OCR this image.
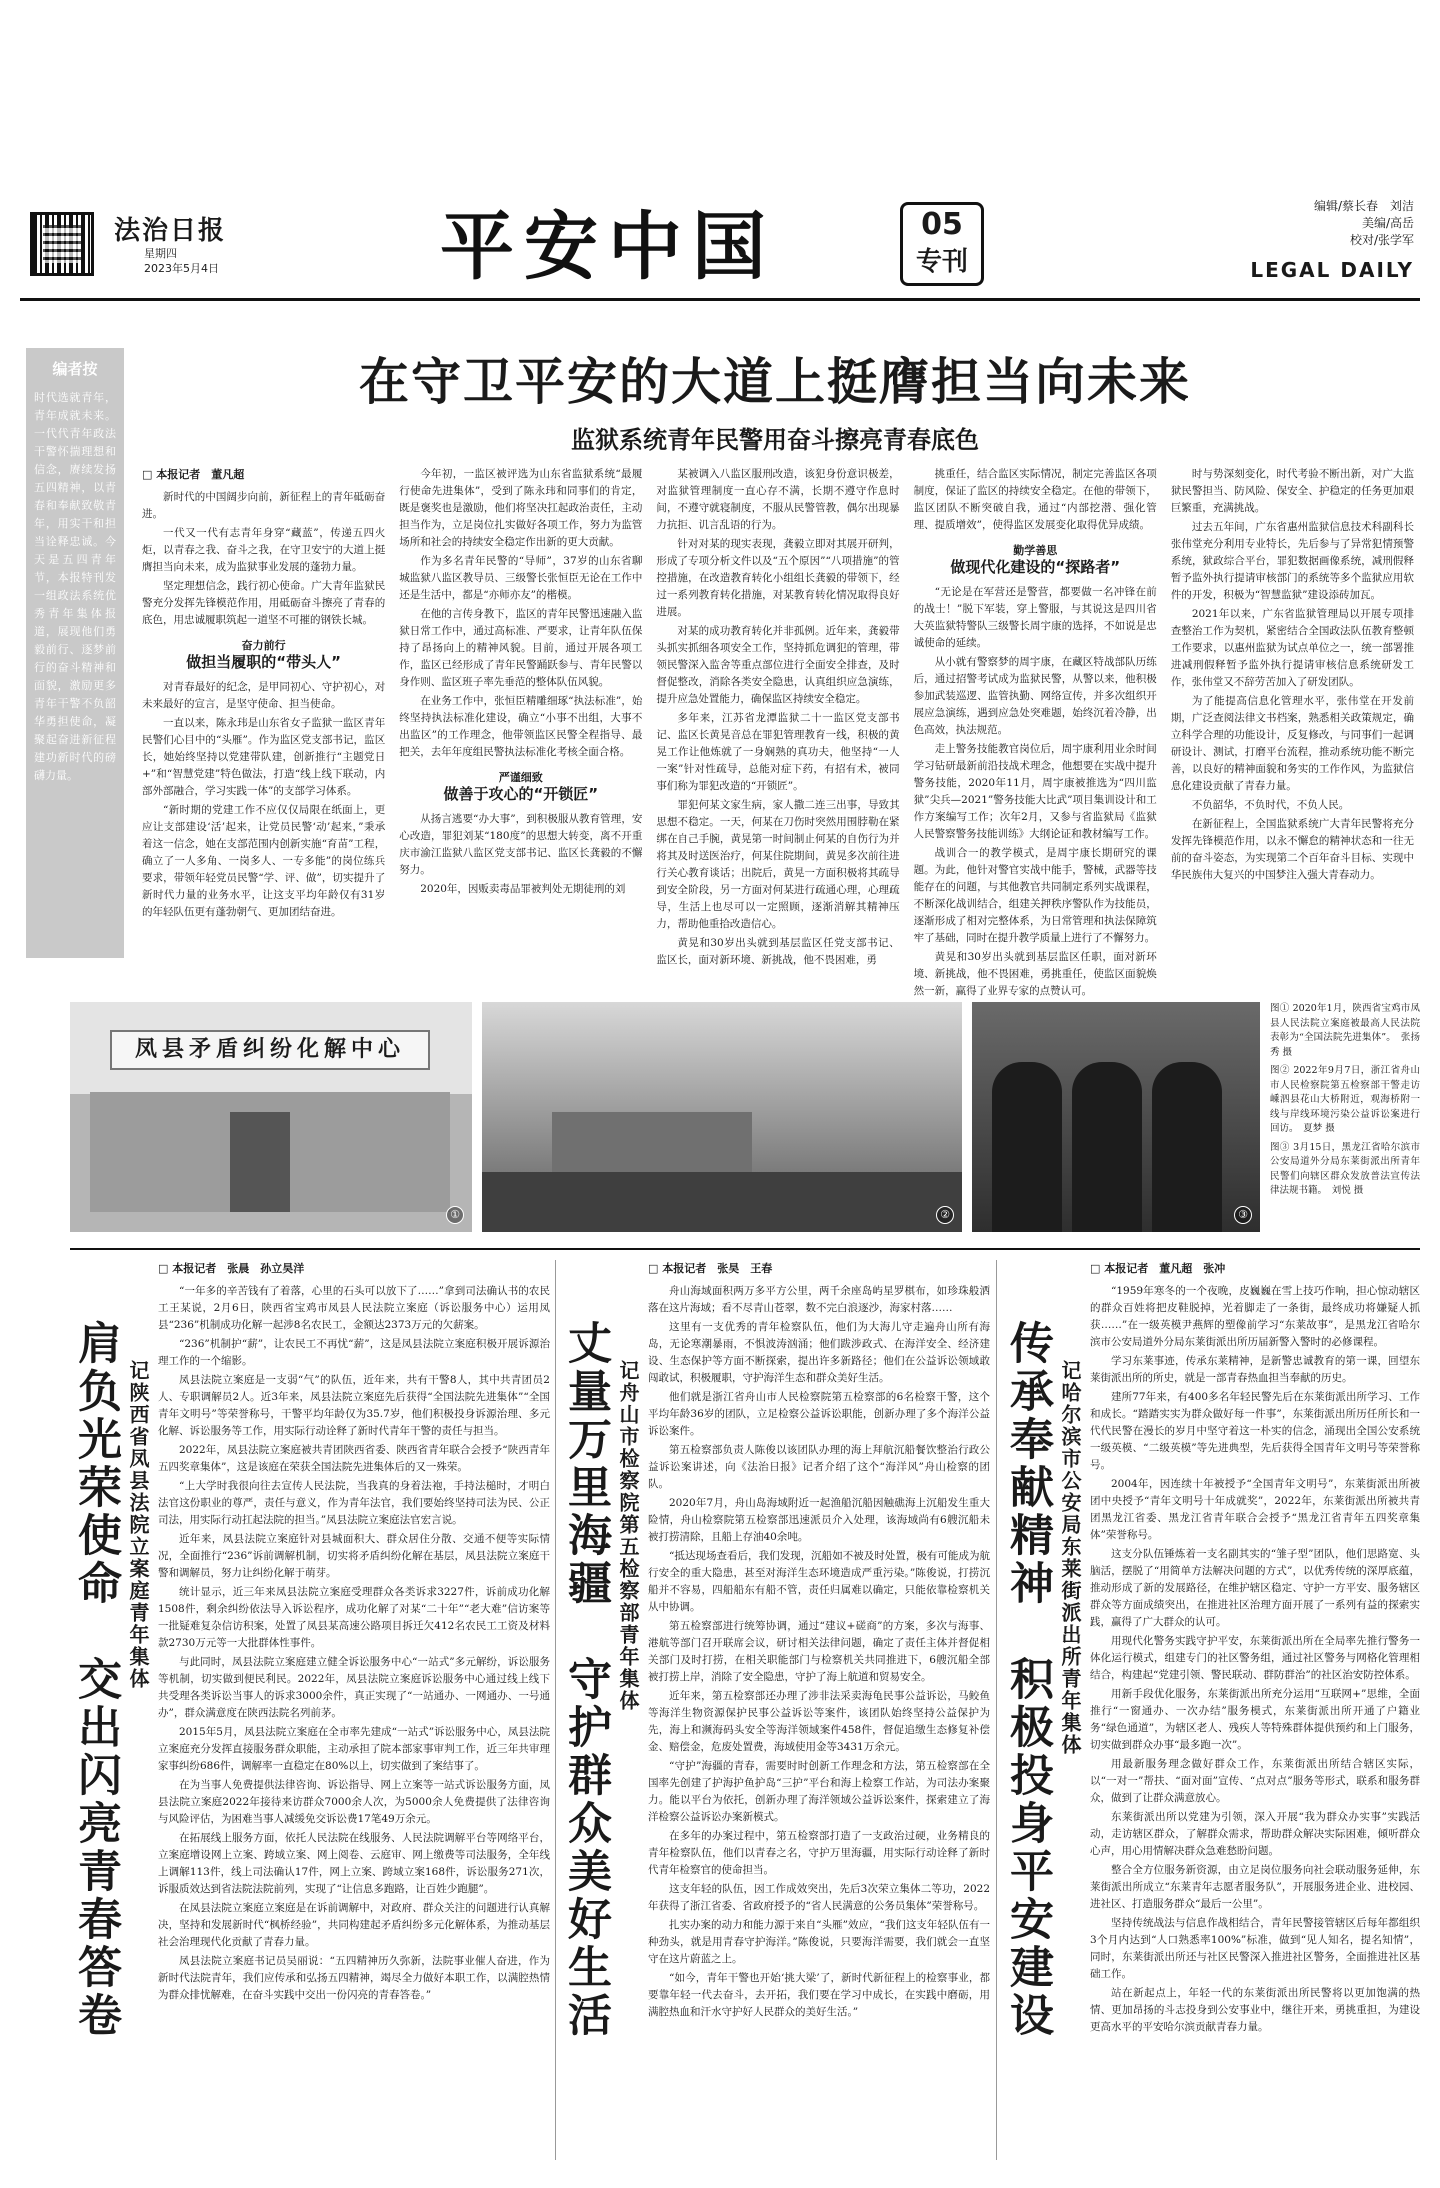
法治日报
星期四
2023年5月4日	平安中国	05
专刊
编辑/蔡长春　刘洁
美编/高岳
校对/张学军
LEGAL DAILY
编者按
时代选就青年，青年成就未来。一代代青年政法干警怀揣理想和信念，赓续发扬五四精神，以青春和奉献致敬青年，用实干和担当诠释忠诚。今天是五四青年节，本报特刊发一组政法系统优秀青年集体报道，展现他们勇毅前行、逐梦前行的奋斗精神和面貌，激励更多青年干警不负韶华勇担使命，凝聚起奋进新征程建功新时代的磅礴力量。
在守卫平安的大道上挺膺担当向未来
监狱系统青年民警用奋斗擦亮青春底色
□ 本报记者　董凡超

新时代的中国阔步向前，新征程上的青年砥砺奋进。

一代又一代有志青年身穿“藏蓝”，传递五四火炬，以青春之我、奋斗之我，在守卫安宁的大道上挺膺担当向未来，成为监狱事业发展的蓬勃力量。

坚定理想信念，践行初心使命。广大青年监狱民警充分发挥先锋模范作用，用砥砺奋斗擦亮了青春的底色，用忠诚履职筑起一道坚不可摧的钢铁长城。

奋力前行
做担当履职的“带头人”

对青春最好的纪念，是甲同初心、守护初心，对未来最好的宣言，是坚守使命、担当使命。

一直以来，陈永玮是山东省女子监狱一监区青年民警们心目中的“头雁”。作为监区党支部书记，监区长，她始终坚持以党建带队建，创新推行“主题党日+”和“智慧党建”特色做法，打造“线上线下联动，内部外部融合，学习实践一体”的支部学习体系。

“新时期的党建工作不应仅仅局限在纸面上，更应让支部建设‘活’起来，让党员民警‘动’起来，”秉承着这一信念，她在支部范围内创新实施“育苗”工程，确立了一人多角、一岗多人、一专多能”的岗位练兵要求，带领年轻党员民警“学、评、做”，切实提升了新时代力量的业务水平，让这支平均年龄仅有31岁的年轻队伍更有蓬勃朝气、更加团结奋进。

今年初，一监区被评选为山东省监狱系统“最履行使命先进集体”，受到了陈永玮和同事们的肯定，既是褒奖也是激励，他们将坚决扛起政治责任，主动担当作为，立足岗位扎实做好各项工作，努力为监管场所和社会的持续安全稳定作出新的更大贡献。

作为多名青年民警的“导师”，37岁的山东省聊城监狱八监区教导员、三级警长张恒臣无论在工作中还是生活中，都是“亦师亦友”的楷模。

在他的言传身教下，监区的青年民警迅速融入监狱日常工作中，通过高标准、严要求，让青年队伍保持了昂扬向上的精神风貌。目前，通过开展各项工作，监区已经形成了青年民警踊跃参与、青年民警以身作则、监区班子率先垂范的整体队伍风貌。

在业务工作中，张恒臣精雕细琢“执法标准”，始终坚持执法标准化建设，确立“小事不出组，大事不出监区”的工作理念，他带领监区民警全程指导、最把关，去年年度组民警执法标准化考核全面合格。

严谨细致
做善于攻心的“开锁匠”

从扬言逃要“办大事”，到积极服从教育管理，安心改造，罪犯刘某“180度”的思想大转变，离不开重庆市渝江监狱八监区党支部书记、监区长龚毅的不懈努力。

2020年，因贩卖毒品罪被判处无期徒刑的刘

某被调入八监区服刑改造，该犯身份意识极差，对监狱管理制度一直心存不满，长期不遵守作息时间，不遵守就寝制度，不服从民警管教，偶尔出现暴力抗拒、讥言乱语的行为。

针对对某的现实表现，龚毅立即对其展开研判，形成了专项分析文件以及“五个原因”“八项措施”的管控措施，在改造教育转化小组组长龚毅的带领下，经过一系列教育转化措施，对某教育转化情况取得良好进展。

对某的成功教育转化并非孤例。近年来，龚毅带头抓实抓细各项安全工作，坚持抓危调犯的管理，带领民警深入监舍等重点部位进行全面安全排查，及时督促整改，消除各类安全隐患，认真组织应急演练，提升应急处置能力，确保监区持续安全稳定。

多年来，江苏省龙潭监狱二十一监区党支部书记、监区长黄晃音总在罪犯管理教育一线，积极的黄晃工作让他炼就了一身娴熟的真功夫，他坚持“一人一案”针对性疏导，总能对症下药，有招有术，被同事们称为罪犯改造的“开锁匠”。

罪犯何某文家生病，家人撒二连三出事，导致其思想不稳定。一天，何某在刀伤时突然用围脖勒在紧绑在自己手腕，黄晃第一时间制止何某的自伤行为并将其及时送医治疗，何某住院期间，黄晃多次前往进行关心教育谈话；出院后，黄晃一方面积极将其疏导到安全阶段，另一方面对何某进行疏通心理，心理疏导，生活上也尽可以一定照顾，逐渐消解其精神压力，帮助他重拾改造信心。

黄晃和30岁出头就到基层监区任党支部书记、监区长，面对新环境、新挑战，他不畏困难，勇

挑重任，结合监区实际情况，制定完善监区各项制度，保证了监区的持续安全稳定。在他的带领下，监区团队不断突破自我，通过“内部挖潜、强化管理、提质增效”，使得监区发展变化取得优异成绩。

勤学善思
做现代化建设的“探路者”

“无论是在军营还是警营，都要做一名冲锋在前的战士！”脱下军装，穿上警服，与其说这是四川省大英监狱特警队三级警长周宇康的选择，不如说是忠诚使命的延续。

从小就有警察梦的周宇康，在藏区特战部队历练后，通过招警考试成为监狱民警，从警以来，他积极参加武装巡逻、监管执勤、网络宣传，并多次组织开展应急演练，遇到应急处突难题，始终沉着冷静，出色高效，执法规范。

走上警务技能教官岗位后，周宇康利用业余时间学习钻研最新前沿技战术理念，他想要在实战中提升警务技能，2020年11月，周宇康被推选为“四川监狱”尖兵—2021”警务技能大比武”项目集训设计和工作方案编写工作；次年2月，又参与省监狱局《监狱人民警察警务技能训练》大纲论证和教材编写工作。

战训合一的教学模式，是周宇康长期研究的课题。为此，他针对警官实战中能手，警械，武器等技能存在的问题，与其他教官共同制定系列实战课程，不断深化战训结合，组建关押秩序警队作为技能员，逐渐形成了相对完整体系，为日常管理和执法保障筑牢了基础，同时在提升教学质量上进行了不懈努力。

黄晃和30岁出头就到基层监区任职，面对新环境、新挑战，他不畏困难，勇挑重任，使监区面貌焕然一新，赢得了业界专家的点赞认可。

时与势深刻变化，时代考验不断出新，对广大监狱民警担当、防风险、保安全、护稳定的任务更加艰巨繁重，充满挑战。

过去五年间，广东省惠州监狱信息技术科副科长张伟堂充分利用专业特长，先后参与了异常犯情预警系统，狱政综合平台，罪犯数据画像系统，减刑假释暂予监外执行提请审核部门的系统等多个监狱应用软件的开发，积极为“智慧监狱”建设添砖加瓦。

2021年以来，广东省监狱管理局以开展专项排查整治工作为契机，紧密结合全国政法队伍教育整顿工作要求，以惠州监狱为试点单位之一，统一部署推进减刑假释暂予监外执行提请审核信息系统研发工作，张伟堂又不辞劳苦加入了研发团队。

为了能提高信息化管理水平，张伟堂在开发前期，广泛查阅法律文书档案，熟悉相关政策规定，确立科学合理的功能设计，反复修改，与同事们一起调研设计、测试，打磨平台流程，推动系统功能不断完善，以良好的精神面貌和务实的工作作风，为监狱信息化建设贡献了青春力量。

不负韶华，不负时代，不负人民。

在新征程上，全国监狱系统广大青年民警将充分发挥先锋模范作用，以永不懈怠的精神状态和一往无前的奋斗姿态，为实现第二个百年奋斗目标、实现中华民族伟大复兴的中国梦注入强大青春动力。

凤县矛盾纠纷化解中心
①	②	③

图① 2020年1月，陕西省宝鸡市凤县人民法院立案庭被最高人民法院表彰为“全国法院先进集体”。　张扬秀 摄

图② 2022年9月7日，浙江省舟山市人民检察院第五检察部干警走访嵊泗县花山大桥附近，观海桥附一线与岸线环境污染公益诉讼案进行回访。　夏梦 摄

图③ 3月15日，黑龙江省哈尔滨市公安局道外分局东莱街派出所青年民警们向辖区群众发放普法宣传法律法规书籍。　刘悦 摄

肩负光荣使命　交出闪亮青春答卷 记陕西省凤县法院立案庭青年集体
□ 本报记者　张晨　孙立昊洋

“一年多的辛苦钱有了着落，心里的石头可以放下了……”拿到司法确认书的农民工王某说，2月6日，陕西省宝鸡市凤县人民法院立案庭（诉讼服务中心）运用凤县“236”机制成功化解一起涉8名农民工，金额达2373万元的欠薪案。

“236”机制护“薪”，让农民工不再忧“薪”，这是凤县法院立案庭积极开展诉源治理工作的一个缩影。

凤县法院立案庭是一支弱“气”的队伍，近年来，共有干警8人，其中共青团员2人、专职调解员2人。近3年来，凤县法院立案庭先后获得“全国法院先进集体”“全国青年文明号”等荣誉称号，干警平均年龄仅为35.7岁，他们积极投身诉源治理、多元化解、诉讼服务等工作，用实际行动诠释了新时代青年干警的责任与担当。

2022年，凤县法院立案庭被共青团陕西省委、陕西省青年联合会授予“陕西青年五四奖章集体”，这是该庭在荣获全国法院先进集体后的又一殊荣。

“上大学时我很向往去宣传人民法院，当我真的身着法袍，手持法槌时，才明白法官这份职业的尊严，责任与意义，作为青年法官，我们要始终坚持司法为民、公正司法，用实际行动扛起法院的担当。”凤县法院立案庭法官宏言说。

近年来，凤县法院立案庭针对县城面积大、群众居住分散、交通不便等实际情况，全面推行“236”诉前调解机制，切实将矛盾纠纷化解在基层，凤县法院立案庭干警和调解员，努力让纠纷化解于萌芽。

统计显示，近三年来凤县法院立案庭受理群众各类诉求3227件，诉前成功化解1508件，剩余纠纷依法导入诉讼程序，成功化解了对某“二十年”“老大难”信访案等一批疑难复杂信访积案，处置了凤县某高速公路项目拆迁欠412名农民工工资及材料款2730万元等一大批群体性事件。

与此同时，凤县法院立案庭建立健全诉讼服务中心“一站式”多元解纷，诉讼服务等机制，切实做到便民利民。2022年，凤县法院立案庭诉讼服务中心通过线上线下共受理各类诉讼当事人的诉求3000余件，真正实现了“一站通办、一网通办、一号通办”，群众满意度在陕西法院名列前茅。

2015年5月，凤县法院立案庭在全市率先建成“一站式”诉讼服务中心，凤县法院立案庭充分发挥直接服务群众职能，主动承担了院本部家事审判工作，近三年共审理家事纠纷686件，调解率一直稳定在80%以上，切实做到了案结事了。

在为当事人免费提供法律咨询、诉讼指导、网上立案等一站式诉讼服务方面，凤县法院立案庭2022年接待来访群众7000余人次，为5000余人免费提供了法律咨询与风险评估，为困难当事人减缓免交诉讼费17笔49万余元。

在拓展线上服务方面，依托人民法院在线服务、人民法院调解平台等网络平台，立案庭增设网上立案、跨域立案、网上阅卷、云庭审、网上缴费等司法服务，全年线上调解113件，线上司法确认17件，网上立案、跨域立案168件，诉讼服务271次，诉服质效达到省法院法院前列，实现了“让信息多跑路，让百姓少跑腿”。

在凤县法院立案庭立案庭是在诉前调解中，对政府、群众关注的问题进行认真解决，坚持和发展新时代“枫桥经验”，共同构建起矛盾纠纷多元化解体系，为推动基层社会治理现代化贡献了青春力量。

凤县法院立案庭书记员吴丽说：“五四精神历久弥新，法院事业催人奋进，作为新时代法院青年，我们应传承和弘扬五四精神，竭尽全力做好本职工作，以满腔热情为群众排忧解难，在奋斗实践中交出一份闪亮的青春答卷。”	丈量万里海疆　守护群众美好生活 记舟山市检察院第五检察部青年集体
□ 本报记者　张昊　王春

舟山海域面积两万多平方公里，两千余座岛屿星罗棋布，如珍珠般洒落在这片海域；看不尽青山苍翠，数不完白浪逐沙，海家村落……

这里有一支优秀的青年检察队伍，他们为大海儿守走遍舟山所有海岛，无论寒潮暴雨，不惧波涛汹涌；他们跋涉政式、在海洋安全、经济建设、生态保护等方面不断探索，提出许多新路径；他们在公益诉讼领域敢闯敢试，积极履职，守护海洋生态和群众美好生活。

他们就是浙江省舟山市人民检察院第五检察部的6名检察干警，这个平均年龄36岁的团队，立足检察公益诉讼职能，创新办理了多个海洋公益诉讼案件。

第五检察部负责人陈俊以该团队办理的海上拜航沉船餐饮整治行政公益诉讼案讲述，向《法治日报》记者介绍了这个“海洋风”舟山检察的团队。

2020年7月，舟山岛海域附近一起渔船沉船因触礁海上沉船发生重大险情，舟山检察院第五检察部迅速派员介入处理，该海域尚有6艘沉船未被打捞清除，且船上存油40余吨。

“抵达现场查看后，我们发现，沉船如不被及时处置，极有可能成为航行安全的重大隐患，甚至对海洋生态环境造成严重污染。”陈俊说，打捞沉船并不容易，四船船东有船不管，责任归属难以确定，只能依靠检察机关从中协调。

第五检察部进行统筹协调，通过“建议+磋商”的方案，多次与海事、港航等部门召开联席会议，研讨相关法律问题，确定了责任主体并督促相关部门及时打捞，在相关职能部门与检察机关共同推进下，6艘沉船全部被打捞上岸，消除了安全隐患，守护了海上航道和贸易安全。

近年来，第五检察部还办理了涉非法采卖海龟民事公益诉讼，马鲛鱼等海洋生物资源保护民事公益诉讼等案件，该团队始终坚持公益保护为先，海上和濒海码头安全等海洋领域案件458件，督促追缴生态修复补偿金、赔偿金，危废处置费，海域使用金等3431万余元。

“守护”海疆的青春，需要时时创新工作理念和方法，第五检察部在全国率先创建了护海护鱼护岛“三护”平台和海上检察工作站，为司法办案聚力。能以平台为依托，创新办理了海洋领域公益诉讼案件，探索建立了海洋检察公益诉讼办案新模式。

在多年的办案过程中，第五检察部打造了一支政治过硬，业务精良的青年检察队伍，他们以青春之名，守护万里海疆，用实际行动诠释了新时代青年检察官的使命担当。

这支年轻的队伍，因工作成效突出，先后3次荣立集体二等功，2022年获得了浙江省委、省政府授予的“省人民满意的公务员集体”荣誉称号。

扎实办案的动力和能力源于来自“头雁”效应，“我们这支年轻队伍有一种劲头，就是用青春守护海洋。”陈俊说，只要海洋需要，我们就会一直坚守在这片蔚蓝之上。

“如今，青年干警也开始‘挑大梁’了，新时代新征程上的检察事业，都要靠年轻一代去奋斗，去开拓，我们要在学习中成长，在实践中磨砺，用满腔热血和汗水守护好人民群众的美好生活。”	传承奉献精神　积极投身平安建设 记哈尔滨市公安局东莱街派出所青年集体
□ 本报记者　董凡超　张冲

“1959年寒冬的一个夜晚，皮巍巍在雪上技巧作响，担心惊动辖区的群众百姓将把皮鞋脱掉，光着脚走了一条街，最终成功将嫌疑人抓获……”在一级英模尹燕辉的塑像前学习“东莱故事”，是黑龙江省哈尔滨市公安局道外分局东莱街派出所历届新警入警时的必修课程。

学习东莱事迹，传承东莱精神，是新警忠诚教育的第一课，回望东莱街派出所的所史，就是一部青春热血担当奉献的历史。

建所77年来，有400多名年轻民警先后在东莱街派出所学习、工作和成长。“踏踏实实为群众做好每一件事”，东莱街派出所历任所长和一代代民警在漫长的岁月中坚守着这一朴实的信念，涌现出全国公安系统一级英模、“二级英模”等先进典型，先后获得全国青年文明号等荣誉称号。

2004年，因连续十年被授予“全国青年文明号”，东莱街派出所被团中央授予“青年文明号十年成就奖”，2022年，东莱街派出所被共青团黑龙江省委、黑龙江省青年联合会授予“黑龙江省青年五四奖章集体”荣誉称号。

这支分队伍锤炼着一支名副其实的“雏子型”团队，他们思路宽、头脑活，摆脱了“用简单方法解决问题的方式”，以优秀传统的深厚底蕴，推动形成了新的发展路径，在维护辖区稳定、守护一方平安、服务辖区群众等方面成绩突出，在推进社区治理方面开展了一系列有益的探索实践，赢得了广大群众的认可。

用现代化警务实践守护平安，东莱街派出所在全局率先推行警务一体化运行模式，组建专门的社区警务组，通过社区警务与网格化管理相结合，构建起“党建引领、警民联动、群防群治”的社区治安防控体系。

用新手段优化服务，东莱街派出所充分运用“互联网+”思维，全面推行“一窗通办、一次办结”服务模式，东莱街派出所开通了户籍业务“绿色通道”，为辖区老人、残疾人等特殊群体提供预约和上门服务，切实做到群众办事“最多跑一次”。

用最新服务理念做好群众工作，东莱街派出所结合辖区实际，以“一对一”帮扶、“面对面”宣传、“点对点”服务等形式，联系和服务群众，做到了让群众满意放心。

东莱街派出所以党建为引领，深入开展“我为群众办实事”实践活动，走访辖区群众，了解群众需求，帮助群众解决实际困难，倾听群众心声，用心用情解决群众急难愁盼问题。

整合全方位服务新资源，由立足岗位服务向社会联动服务延伸，东莱街派出所成立“东莱青年志愿者服务队”，开展服务进企业、进校园、进社区、打造服务群众“最后一公里”。

坚持传统战法与信息作战相结合，青年民警接管辖区后每年都组织3个月内达到“人口熟悉率100%”标准，做到“见人知名，提名知情”，同时，东莱街派出所还与社区民警深入推进社区警务，全面推进社区基础工作。

站在新起点上，年轻一代的东莱街派出所民警将以更加饱满的热情、更加昂扬的斗志投身到公安事业中，继往开来，勇挑重担，为建设更高水平的平安哈尔滨贡献青春力量。
